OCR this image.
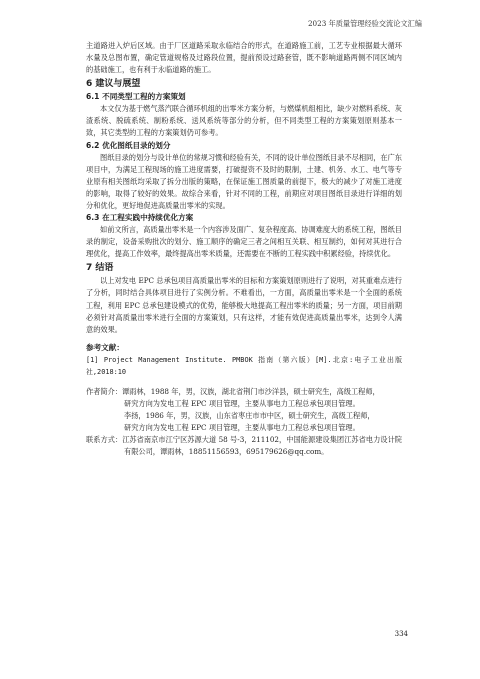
2023 年质量管理经验交流论文汇编

主道路进入炉后区域。由于厂区道路采取永临结合的形式，在道路施工前，工艺专业根据最大循环水量及总图布置，确定管道规格及过路段位置，提前预设过路套管，既不影响道路两侧不同区域内的基础施工，也有利于永临道路的施工。

6 建议与展望
6.1 不同类型工程的方案策划

本文仅为基于燃气蒸汽联合循环机组的出零米方案分析，与燃煤机组相比，缺少对燃料系统、灰渣系统、脱硫系统、制粉系统、送风系统等部分的分析，但不同类型工程的方案策划原则基本一致，其它类型的工程的方案策划仍可参考。

6.2 优化图纸目录的划分

图纸目录的划分与设计单位的常规习惯和经验有关，不同的设计单位图纸目录不尽相同，在广东项目中，为满足工程现场的施工进度需要，打破提资不及时的限制，土建、机务、水工、电气等专业原有相关图纸均采取了拆分出版的策略，在保证施工图质量的前提下，极大的减少了对施工进度的影响，取得了较好的效果。故综合来看，针对不同的工程，前期应对项目图纸目录进行详细的划分和优化，更好地促进高质量出零米的实现。

6.3 在工程实践中持续优化方案

如前文所言，高质量出零米是一个内容涉及面广、复杂程度高、协调难度大的系统工程，图纸目录的制定，设备采购批次的划分、施工顺序的确定三者之间相互关联、相互制约，如何对其进行合理优化，提高工作效率，最终提高出零米质量，还需要在不断的工程实践中积累经验，持续优化。

7 结语

以上对发电 EPC 总承包项目高质量出零米的目标和方案策划原则进行了说明，对其重难点进行了分析，同时结合具体项目进行了实例分析。不难看出，一方面，高质量出零米是一个全面的系统工程，利用 EPC 总承包建设模式的优势，能够极大地提高工程出零米的质量；另一方面，项目前期必须针对高质量出零米进行全面的方案策划，只有这样，才能有效促进高质量出零米，达到令人满意的效果。

参考文献：

[1] Project Management Institute. PMBOK 指南（第六版）[M].北京:电子工业出版社,2018:10

作者简介：谭雨林，1988 年，男，汉族，湖北省荆门市沙洋县，硕士研究生，高级工程师，

研究方向为发电工程 EPC 项目管理，主要从事电力工程总承包项目管理。

李扬，1986 年，男，汉族，山东省枣庄市市中区，硕士研究生，高级工程师，

研究方向为发电工程 EPC 项目管理，主要从事电力工程总承包项目管理。

联系方式：江苏省南京市江宁区苏源大道 58 号-3，211102，中国能源建设集团江苏省电力设计院有限公司，谭雨林，18851156593，695179626@qq.com。

334
